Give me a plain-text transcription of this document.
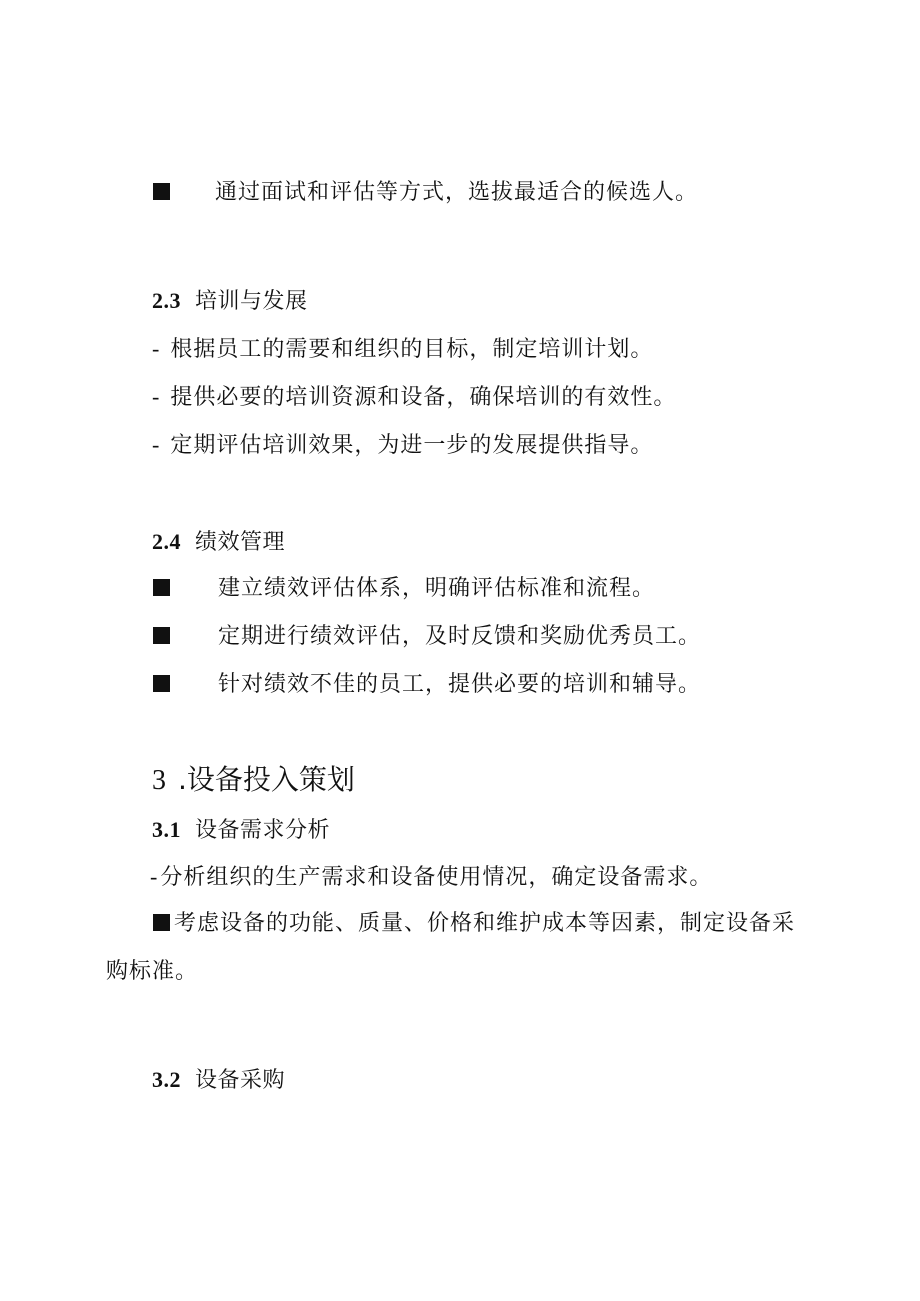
通过面试和评估等方式，选拔最适合的候选人。
2.3 培训与发展
- 根据员工的需要和组织的目标，制定培训计划。
- 提供必要的培训资源和设备，确保培训的有效性。
- 定期评估培训效果，为进一步的发展提供指导。
2.4 绩效管理
建立绩效评估体系，明确评估标准和流程。
定期进行绩效评估，及时反馈和奖励优秀员工。
针对绩效不佳的员工，提供必要的培训和辅导。
3 .设备投入策划
3.1 设备需求分析
-分析组织的生产需求和设备使用情况，确定设备需求。
考虑设备的功能、质量、价格和维护成本等因素，制定设备采
购标准。
3.2 设备采购
